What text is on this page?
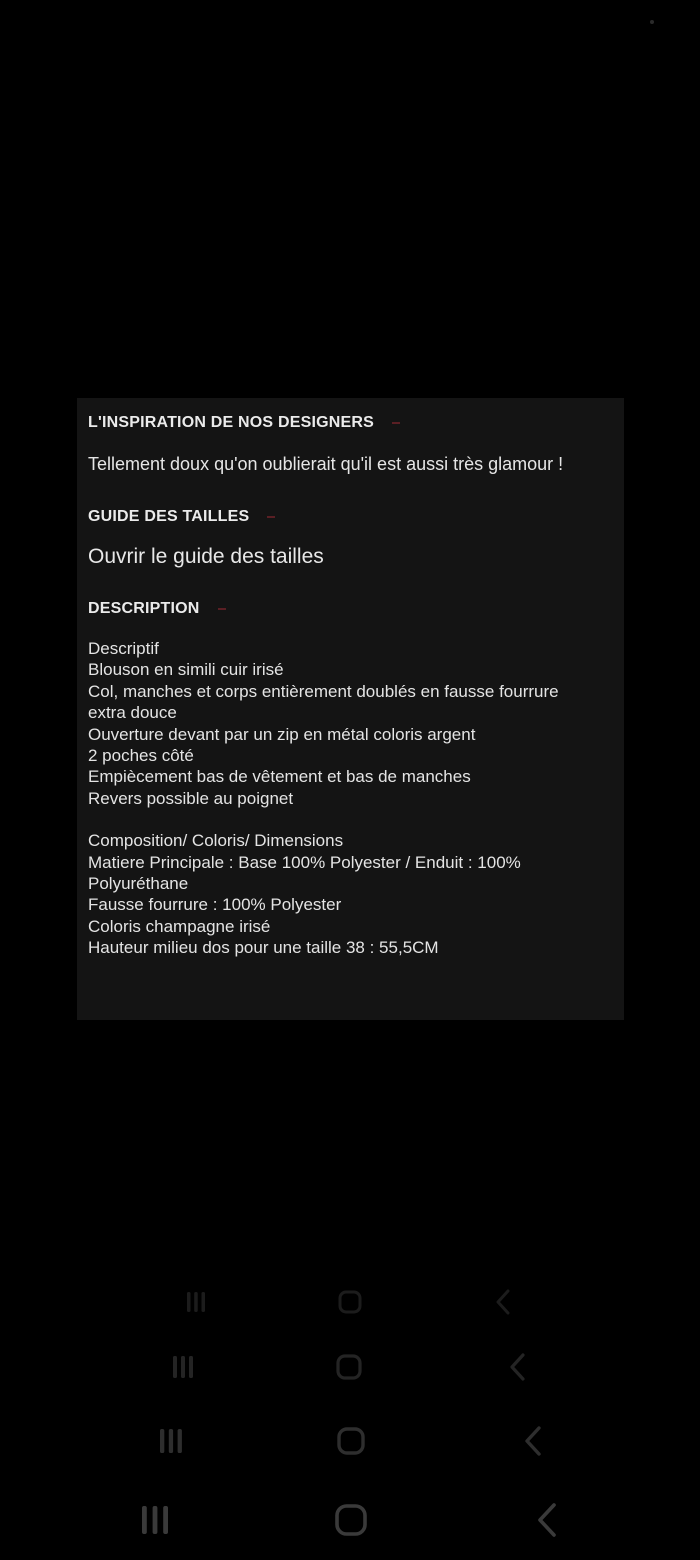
L'INSPIRATION DE NOS DESIGNERS
Tellement doux qu'on oublierait qu'il est aussi très glamour !
GUIDE DES TAILLES
Ouvrir le guide des tailles
DESCRIPTION
Descriptif
Blouson en simili cuir irisé
Col, manches et corps entièrement doublés en fausse fourrure
extra douce
Ouverture devant par un zip en métal coloris argent
2 poches côté
Empiècement bas de vêtement et bas de manches
Revers possible au poignet
Composition/ Coloris/ Dimensions
Matiere Principale : Base 100% Polyester / Enduit : 100%
Polyuréthane
Fausse fourrure : 100% Polyester
Coloris champagne irisé
Hauteur milieu dos pour une taille 38 : 55,5CM
